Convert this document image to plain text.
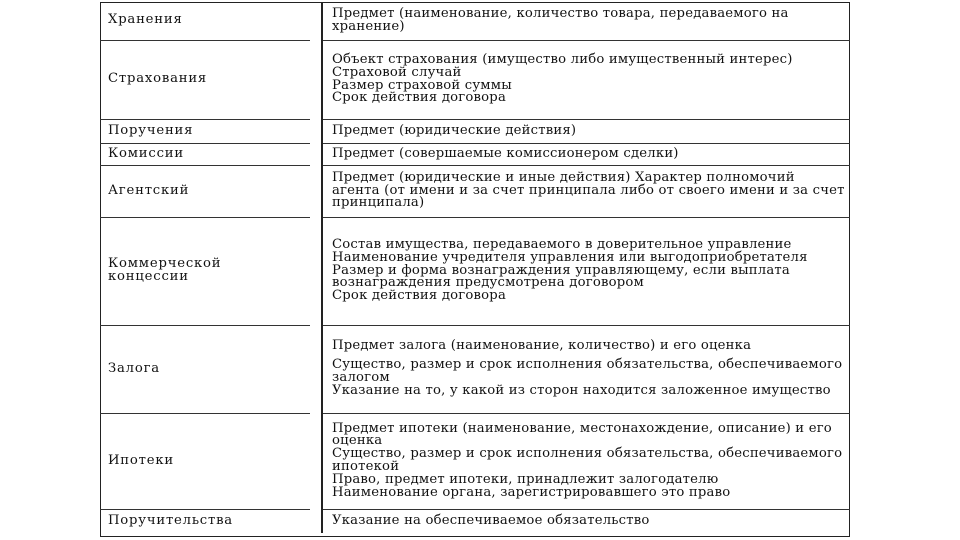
Хранения		Предмет (наименование, количество товара, передаваемого на хранение)

Страхования		Объект страхования (имущество либо имущественный интерес)
Страховой случай
Размер страховой суммы
Срок действия договора

Поручения		Предмет (юридические действия)

Комиссии		Предмет (совершаемые комиссионером сделки)

Агентский		Предмет (юридические и иные действия) Характер полномочий агента (от имени и за счет принципала либо от своего имени и за счет принципала)

Коммерческой концессии		Состав имущества, передаваемого в доверительное управление
Наименование учредителя управления или выгодоприобретателя
Размер и форма вознаграждения управляющему, если выплата вознаграждения предусмотрена договором
Срок действия договора

Залога		Предмет залога (наименование, количество) и его оценка
Существо, размер и срок исполнения обязательства, обеспечиваемого залогом
Указание на то, у какой из сторон находится заложенное имущество

Ипотеки		Предмет ипотеки (наименование, местонахождение, описание) и его оценка
Существо, размер и срок исполнения обязательства, обеспечиваемого ипотекой
Право, предмет ипотеки, принадлежит залогодателю
Наименование органа, зарегистрировавшего это право

Поручительства		Указание на обеспечиваемое обязательство
